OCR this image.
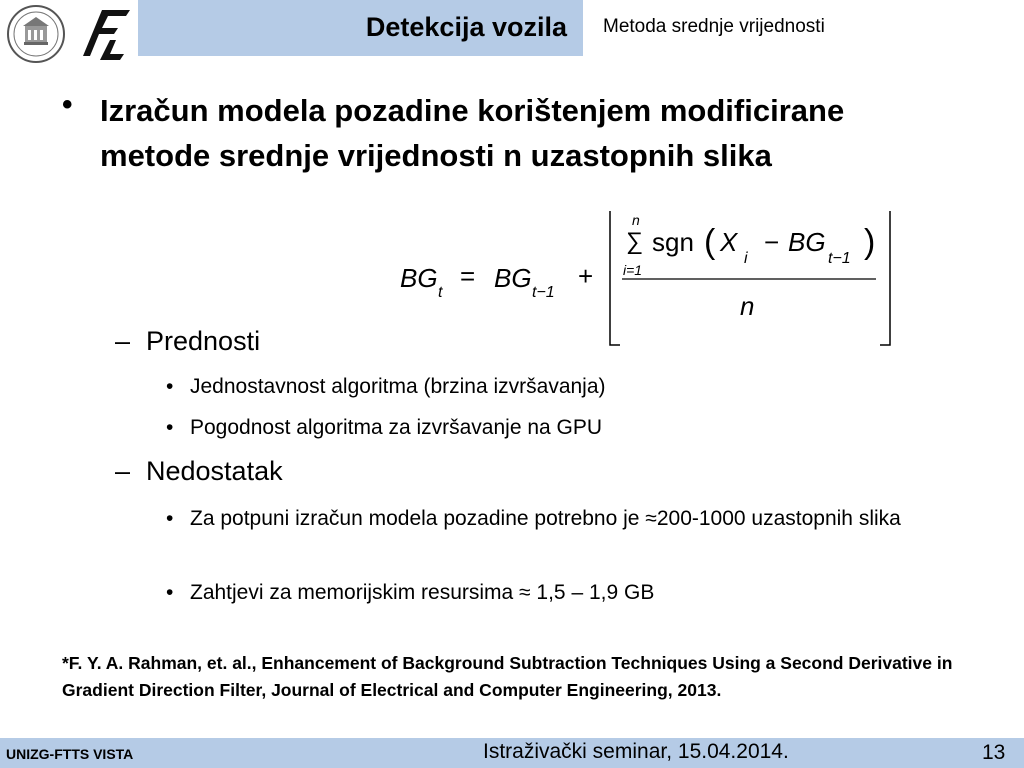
Detekcija vozila Metoda srednje vrijednosti
• Izračun modela pozadine korištenjem modificirane metode srednje vrijednosti n uzastopnih slika
BG t
= BG t−1
+
n
∑
i=1
sgn ( X
i
− BG
t−1 )
n
– Prednosti
• Jednostavnost algoritma (brzina izvršavanja)
• Pogodnost algoritma za izvršavanje na GPU
– Nedostatak
• Za potpuni izračun modela pozadine potrebno je ≈200-1000 uzastopnih slika
• Zahtjevi za memorijskim resursima ≈ 1,5 – 1,9 GB
*F. Y. A. Rahman, et. al., Enhancement of Background Subtraction Techniques Using a Second Derivative in Gradient Direction Filter, Journal of Electrical and Computer Engineering, 2013.
UNIZG-FTTS VISTA	Istraživački seminar, 15.04.2014.	13
